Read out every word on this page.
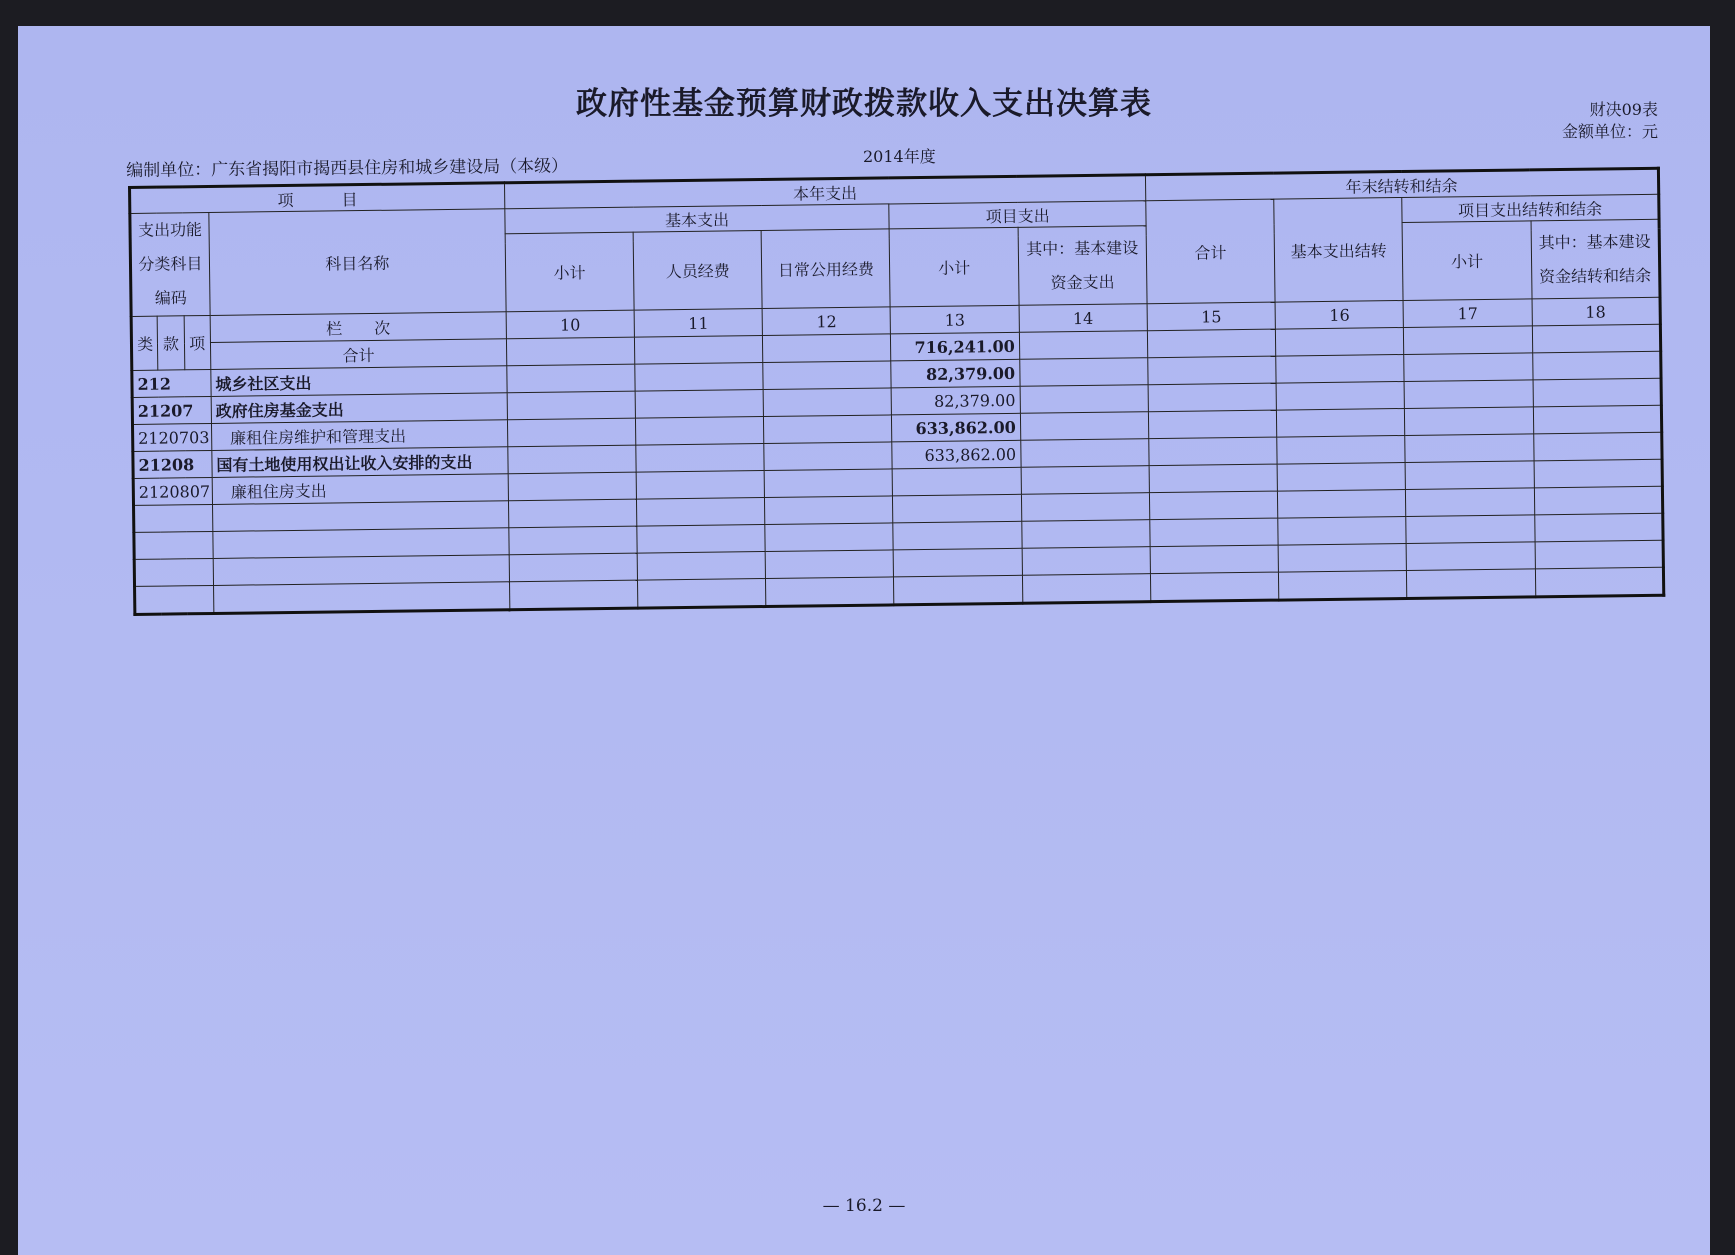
政府性基金预算财政拨款收入支出决算表	财决09表
金额单位：元
2014年度
编制单位：广东省揭阳市揭西县住房和城乡建设局（本级）
项　　　目				本年支出					年末结转和结余			
支出功能分类科目编码			科目名称	基本支出			项目支出		合计	基本支出结转	项目支出结转和结余	
				小计	人员经费	日常公用经费	小计	其中：基本建设资金支出			小计	其中：基本建设资金结转和结余

类	款	项	栏　　次	10	11	12	13	14	15	16	17	18
			合计				716,241.00					
212			城乡社区支出				82,379.00					
21207			政府住房基金支出				82,379.00					
2120703			廉租住房维护和管理支出				633,862.00					
21208			国有土地使用权出让收入安排的支出				633,862.00					
2120807			廉租住房支出									

— 16.2 —
